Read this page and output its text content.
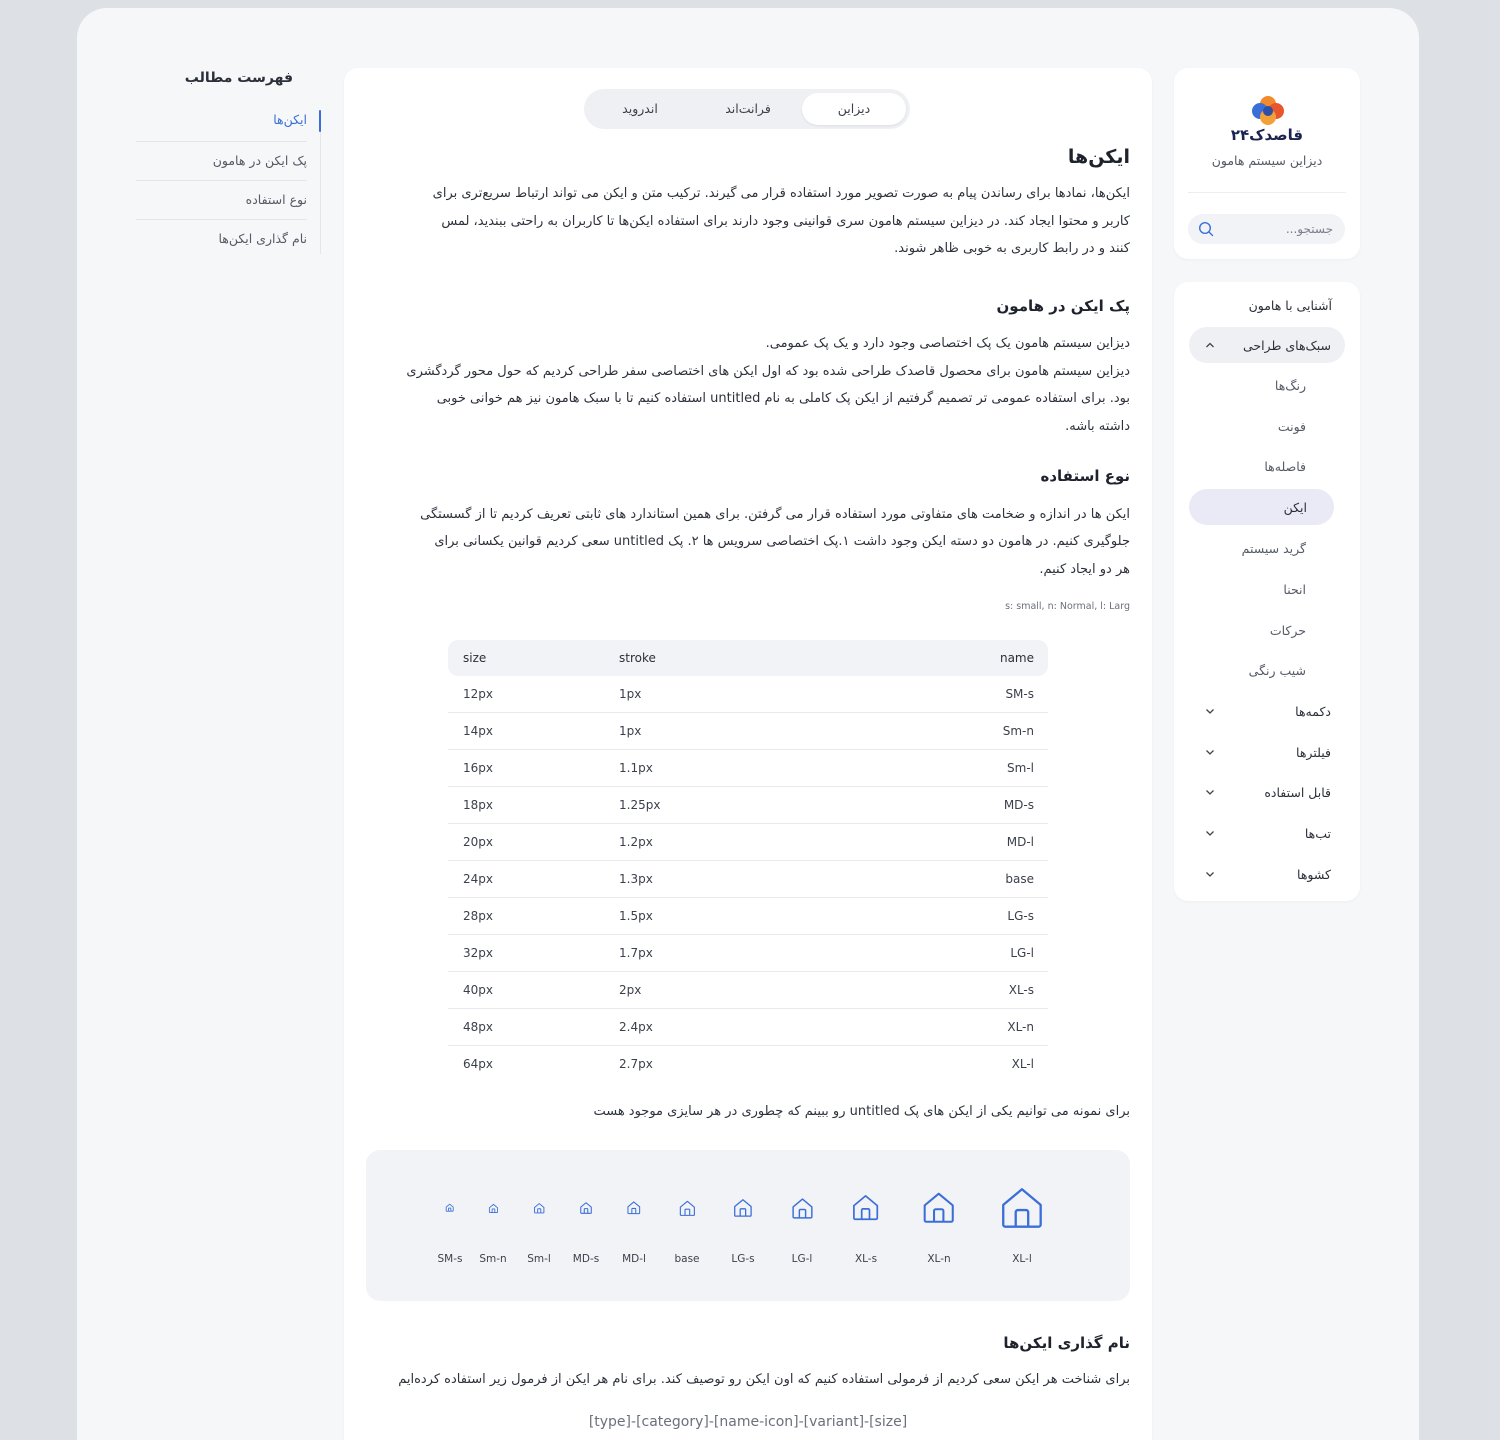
قاصدک۲۴
دیزاین سیستم هامون
جستجو...
آشنایی با هامون
سبک‌های طراحی
رنگ‌ها
فونت
فاصله‌ها
ایکن
گرید سیستم
انحنا
حرکات
شیب رنگی
دکمه‌ها
فیلترها
قابل استفاده
تب‌ها
کشوها
فهرست مطالب
ایکن‌ها
پک ایکن در هامون
نوع استفاده
نام گذاری ایکن‌ها
دیزاین
فرانت‌اند
اندروید
ایکن‌ها
ایکن‌ها، نمادها برای رساندن پیام به صورت تصویر مورد استفاده قرار می گیرند. ترکیب متن و ایکن می تواند ارتباط سریع‌تری برای
کاربر و محتوا ایجاد کند. در دیزاین سیستم هامون سری قوانینی وجود دارند برای استفاده ایکن‌ها تا کاربران به راحتی ببندید، لمس
کنند و در رابط کاربری به خوبی ظاهر شوند.
پک ایکن در هامون
دیزاین سیستم هامون یک پک اختصاصی وجود دارد و یک پک عمومی.
دیزاین سیستم هامون برای محصول قاصدک طراحی شده بود که اول ایکن های اختصاصی سفر طراحی کردیم که حول محور گردگشری
بود. برای استفاده عمومی تر تصمیم گرفتیم از ایکن پک کاملی به نام untitled استفاده کنیم تا با سبک هامون نیز هم خوانی خوبی
داشته باشه.
نوع استفاده
ایکن ها در اندازه و ضخامت های متفاوتی مورد استفاده قرار می گرفتن. برای همین استاندارد های ثابتی تعریف کردیم تا از گسستگی
جلوگیری کنیم. در هامون دو دسته ایکن وجود داشت ۱.پک اختصاصی سرویس ها ۲. پک untitled سعی کردیم قوانین یکسانی برای
هر دو ایجاد کنیم.
s: small, n: Normal, l: Larg
size	stroke	name
12px	1px	SM-s
14px	1px	Sm-n
16px	1.1px	Sm-l
18px	1.25px	MD-s
20px	1.2px	MD-l
24px	1.3px	base
28px	1.5px	LG-s
32px	1.7px	LG-l
40px	2px	XL-s
48px	2.4px	XL-n
64px	2.7px	XL-l
برای نمونه می توانیم یکی از ایکن های پک untitled رو ببینم که چطوری در هر سایزی موجود هست
SM-s	Sm-n	Sm-l	MD-s	MD-l	base	LG-s	LG-l	XL-s	XL-n	XL-l
نام گذاری ایکن‌ها
برای شناخت هر ایکن سعی کردیم از فرمولی استفاده کنیم که اون ایکن رو توصیف کند. برای نام هر ایکن از فرمول زیر استفاده کرده‌ایم
[type]-[category]-[name-icon]-[variant]-[size]
